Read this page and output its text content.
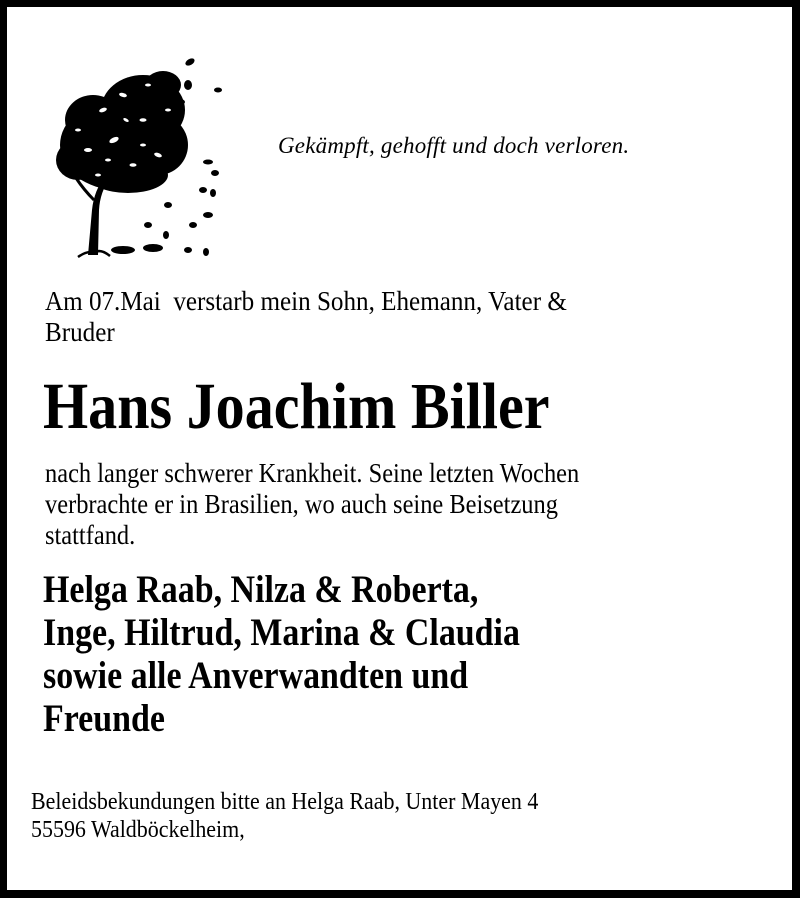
Gekämpft, gehofft und doch verloren.
Am 07.Mai  verstarb mein Sohn, Ehemann, Vater &
Bruder
Hans Joachim Biller
nach langer schwerer Krankheit. Seine letzten Wochen
verbrachte er in Brasilien, wo auch seine Beisetzung
stattfand.
Helga Raab, Nilza & Roberta,
Inge, Hiltrud, Marina & Claudia
sowie alle Anverwandten und
Freunde
Beleidsbekundungen bitte an Helga Raab, Unter Mayen 4
55596 Waldböckelheim,
